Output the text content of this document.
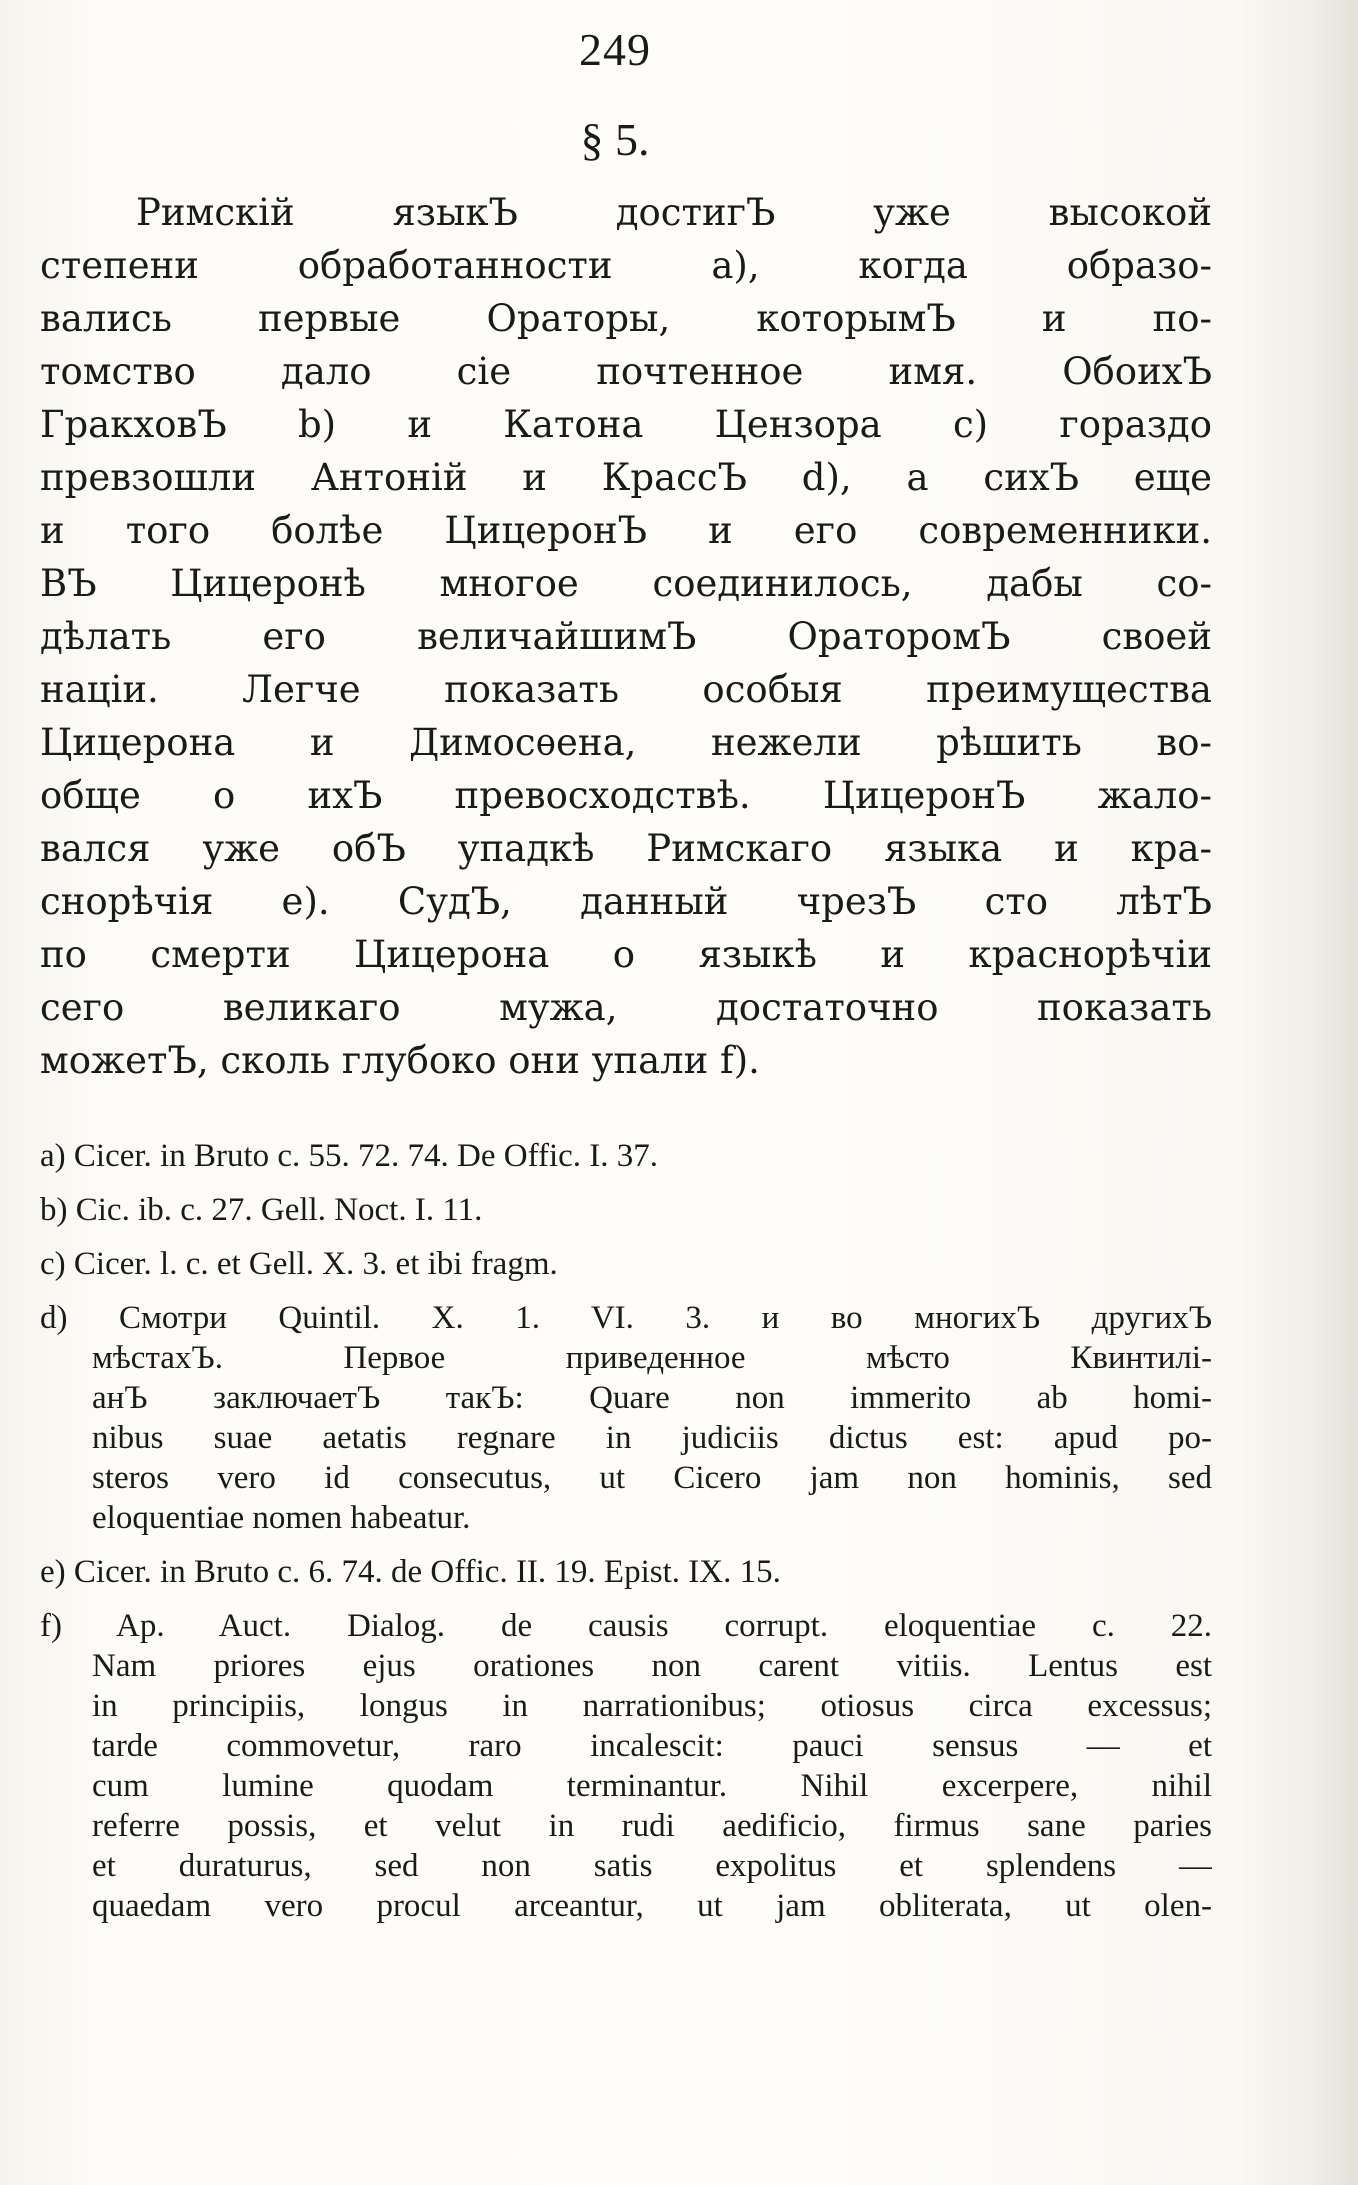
249
§ 5.
Римскій языкЪ достигЪ уже высокой
степени обработанности а), когда образо-
вались первые Ораторы, которымЪ и по-
томство дало сіе почтенное имя. ОбоихЪ
ГракховЪ b) и Катона Цензора с) гораздо
превзошли Антоній и КрассЪ d), а сихЪ еще
и того болѣе ЦицеронЪ и его современники.
ВЪ Цицеронѣ многое соединилось, дабы со-
дѣлать его величайшимЪ ОраторомЪ своей
націи. Легче показать особыя преимущества
Цицерона и Димосѳена, нежели рѣшить во-
обще о ихЪ превосходствѣ. ЦицеронЪ жало-
вался уже обЪ упадкѣ Римскаго языка и кра-
снорѣчія е). СудЪ, данный чрезЪ сто лѣтЪ
по смерти Цицерона о языкѣ и краснорѣчіи
сего великаго мужа, достаточно показать
можетЪ, сколь глубоко они упали f).
a) Cicer. in Bruto c. 55. 72. 74. De Offic. I. 37.
b) Cic. ib. c. 27. Gell. Noct. I. 11.
c) Cicer. l. c. et Gell. X. 3. et ibi fragm.
d) Смотри Quintil. X. 1. VI. 3. и во многихЪ другихЪ
мѣстахЪ. Первое приведенное мѣсто Квинтилі-
анЪ заключаетЪ такЪ: Quare non immerito ab homi-
nibus suae aetatis regnare in judiciis dictus est: apud po-
steros vero id consecutus, ut Cicero jam non hominis, sed
eloquentiae nomen habeatur.
e) Cicer. in Bruto c. 6. 74. de Offic. II. 19. Epist. IX. 15.
f) Ap. Auct. Dialog. de causis corrupt. eloquentiae c. 22.
Nam priores ejus orationes non carent vitiis. Lentus est
in principiis, longus in narrationibus; otiosus circa excessus;
tarde commovetur, raro incalescit: pauci sensus — et
cum lumine quodam terminantur. Nihil excerpere, nihil
referre possis, et velut in rudi aedificio, firmus sane paries
et duraturus, sed non satis expolitus et splendens —
quaedam vero procul arceantur, ut jam obliterata, ut olen-
